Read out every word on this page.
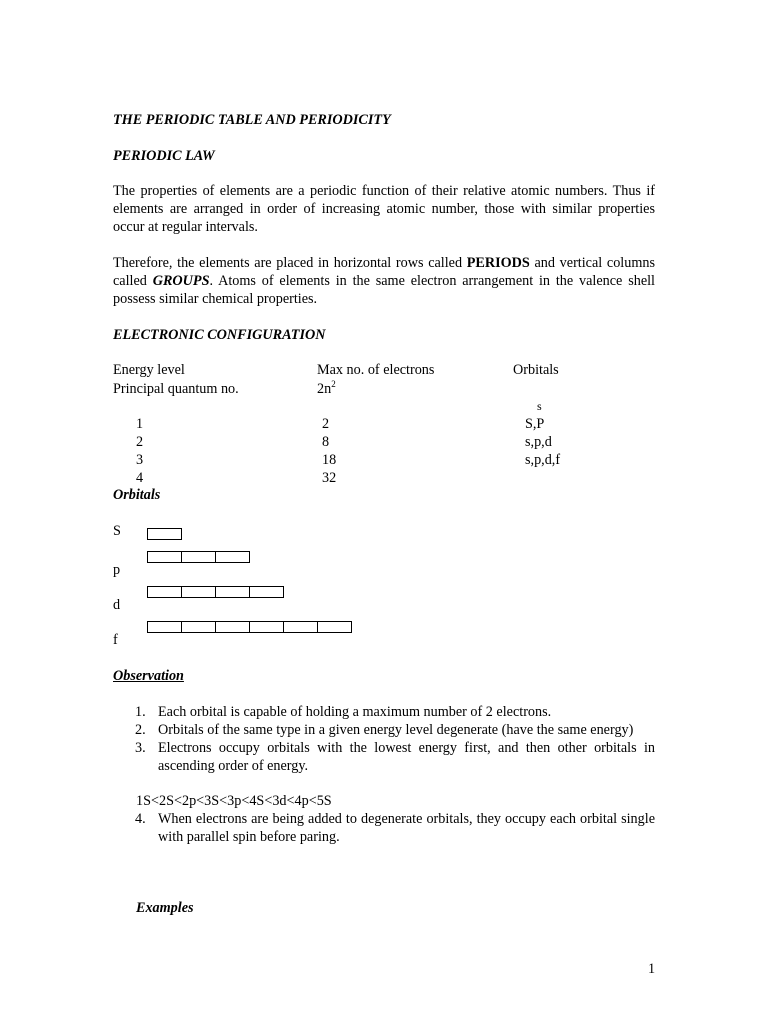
THE PERIODIC TABLE AND PERIODICITY
PERIODIC LAW
The properties of elements are a periodic function of their relative atomic numbers. Thus if elements are arranged in order of increasing atomic number, those with similar properties occur at regular intervals.
Therefore, the elements are placed in horizontal rows called PERIODS and vertical columns called GROUPS. Atoms of elements in the same electron arrangement in the valence shell possess similar chemical properties.
ELECTRONIC CONFIGURATION
Energy level	Max no. of electrons	Orbitals
Principal quantum no.	$2n^2$
s
1	2	S,P
2	8	s,p,d
3	18	s,p,d,f
4	32
Orbitals
S
p
d
f
Observation
1. Each orbital is capable of holding a maximum number of 2 electrons.
2. Orbitals of the same type in a given energy level degenerate (have the same energy)
3. Electrons occupy orbitals with the lowest energy first, and then other orbitals in ascending order of energy.
1S<2S<2p<3S<3p<4S<3d<4p<5S
4. When electrons are being added to degenerate orbitals, they occupy each orbital single with parallel spin before paring.
Examples
1
